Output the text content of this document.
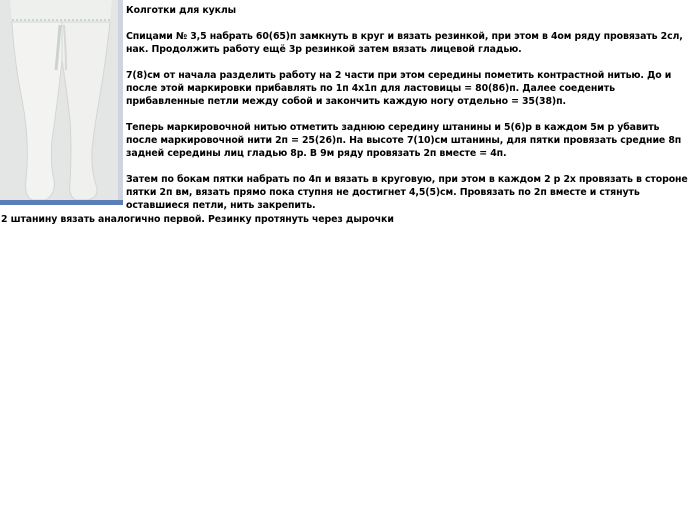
Колготки для куклы

Спицами № 3,5 набрать 60(65)п замкнуть в круг и вязать резинкой, при этом в 4ом ряду провязать 2сл, нак. Продолжить работу ещё 3р резинкой затем вязать лицевой гладью.

7(8)см от начала разделить работу на 2 части при этом середины пометить контрастной нитью. До и после этой маркировки прибавлять по 1п 4х1п для ластовицы = 80(86)п. Далее соеденить прибавленные петли между собой и закончить каждую ногу отдельно = 35(38)п.

Теперь маркировочной нитью отметить заднюю середину штанины и 5(6)р в каждом 5м р убавить после маркировочной нити 2п = 25(26)п. На высоте 7(10)см штанины, для пятки провязать средние 8п задней середины лиц гладью 8р. В 9м ряду провязать 2п вместе = 4п.

Затем по бокам пятки набрать по 4п и вязать в круговую, при этом в каждом 2 р 2х провязать в стороне пятки 2п вм, вязать прямо пока ступня не достигнет 4,5(5)см. Провязать по 2п вместе и стянуть оставшиеся петли, нить закрепить.

2 штанину вязать аналогично первой. Резинку протянуть через дырочки
